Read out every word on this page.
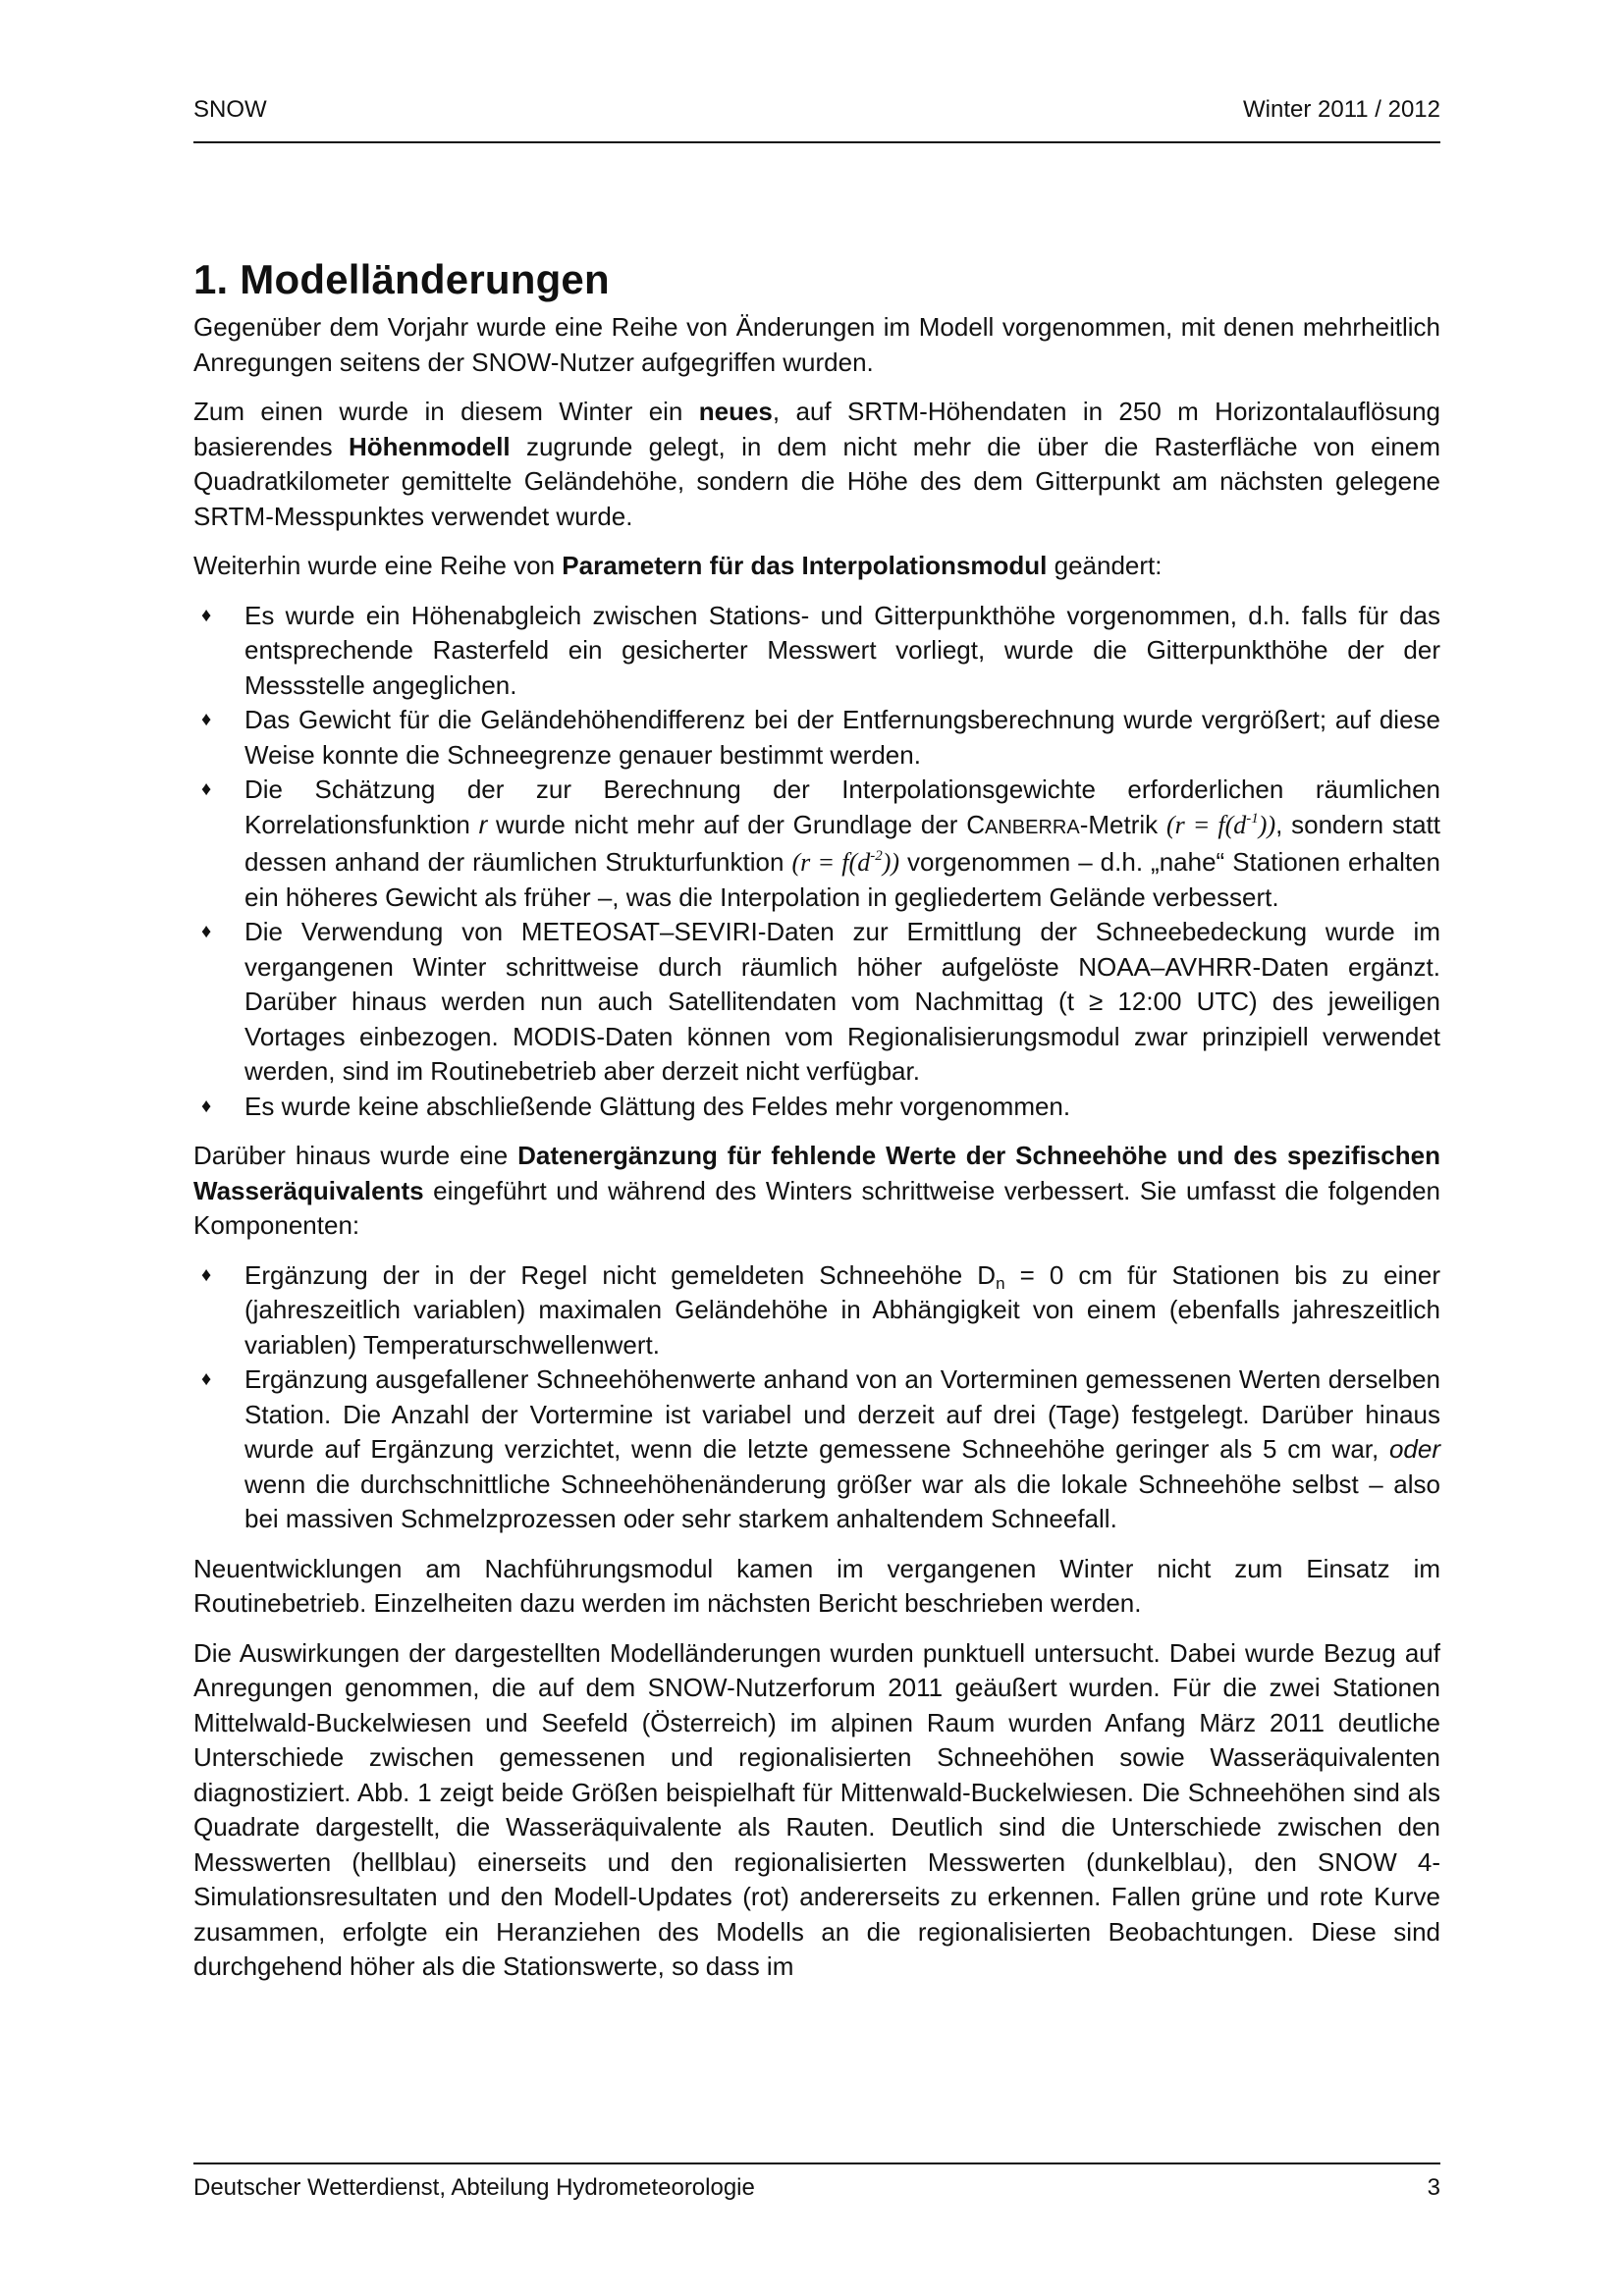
SNOW	Winter 2011 / 2012
1. Modelländerungen

Gegenüber dem Vorjahr wurde eine Reihe von Änderungen im Modell vorgenommen, mit denen mehrheitlich Anregungen seitens der SNOW-Nutzer aufgegriffen wurden.

Zum einen wurde in diesem Winter ein neues, auf SRTM-Höhendaten in 250 m Horizontalauflösung basierendes Höhenmodell zugrunde gelegt, in dem nicht mehr die über die Rasterfläche von einem Quadratkilometer gemittelte Geländehöhe, sondern die Höhe des dem Gitterpunkt am nächsten gelegene SRTM-Messpunktes verwendet wurde.

Weiterhin wurde eine Reihe von Parametern für das Interpolationsmodul geändert:

♦ Es wurde ein Höhenabgleich zwischen Stations- und Gitterpunkthöhe vorgenommen, d.h. falls für das entsprechende Rasterfeld ein gesicherter Messwert vorliegt, wurde die Gitterpunkthöhe der der Messstelle angeglichen.
♦ Das Gewicht für die Geländehöhendifferenz bei der Entfernungsberechnung wurde vergrößert; auf diese Weise konnte die Schneegrenze genauer bestimmt werden.
♦ Die Schätzung der zur Berechnung der Interpolationsgewichte erforderlichen räumlichen Korrelationsfunktion r wurde nicht mehr auf der Grundlage der CANBERRA-Metrik $(r = f(d^{-1}))$, sondern statt dessen anhand der räumlichen Strukturfunktion $(r = f(d^{-2}))$ vorgenommen – d.h. „nahe“ Stationen erhalten ein höheres Gewicht als früher –, was die Interpolation in gegliedertem Gelände verbessert.
♦ Die Verwendung von METEOSAT–SEVIRI-Daten zur Ermittlung der Schneebedeckung wurde im vergangenen Winter schrittweise durch räumlich höher aufgelöste NOAA–AVHRR-Daten ergänzt. Darüber hinaus werden nun auch Satellitendaten vom Nachmittag (t ≥ 12:00 UTC) des jeweiligen Vortages einbezogen. MODIS-Daten können vom Regionalisierungsmodul zwar prinzipiell verwendet werden, sind im Routinebetrieb aber derzeit nicht verfügbar.
♦ Es wurde keine abschließende Glättung des Feldes mehr vorgenommen.

Darüber hinaus wurde eine Datenergänzung für fehlende Werte der Schneehöhe und des spezifischen Wasseräquivalents eingeführt und während des Winters schrittweise verbessert. Sie umfasst die folgenden Komponenten:

♦ Ergänzung der in der Regel nicht gemeldeten Schneehöhe $D_n = 0$ cm für Stationen bis zu einer (jahreszeitlich variablen) maximalen Geländehöhe in Abhängigkeit von einem (ebenfalls jahreszeitlich variablen) Temperaturschwellenwert.
♦ Ergänzung ausgefallener Schneehöhenwerte anhand von an Vorterminen gemessenen Werten derselben Station. Die Anzahl der Vortermine ist variabel und derzeit auf drei (Tage) festgelegt. Darüber hinaus wurde auf Ergänzung verzichtet, wenn die letzte gemessene Schneehöhe geringer als 5 cm war, oder wenn die durchschnittliche Schneehöhenänderung größer war als die lokale Schneehöhe selbst – also bei massiven Schmelzprozessen oder sehr starkem anhaltendem Schneefall.

Neuentwicklungen am Nachführungsmodul kamen im vergangenen Winter nicht zum Einsatz im Routinebetrieb. Einzelheiten dazu werden im nächsten Bericht beschrieben werden.

Die Auswirkungen der dargestellten Modelländerungen wurden punktuell untersucht. Dabei wurde Bezug auf Anregungen genommen, die auf dem SNOW-Nutzerforum 2011 geäußert wurden. Für die zwei Stationen Mittelwald-Buckelwiesen und Seefeld (Österreich) im alpinen Raum wurden Anfang März 2011 deutliche Unterschiede zwischen gemessenen und regionalisierten Schneehöhen sowie Wasseräquivalenten diagnostiziert. Abb. 1 zeigt beide Größen beispielhaft für Mittenwald-Buckelwiesen. Die Schneehöhen sind als Quadrate dargestellt, die Wasseräquivalente als Rauten. Deutlich sind die Unterschiede zwischen den Messwerten (hellblau) einerseits und den regionalisierten Messwerten (dunkelblau), den SNOW 4-Simulationsresultaten und den Modell-Updates (rot) andererseits zu erkennen. Fallen grüne und rote Kurve zusammen, erfolgte ein Heranziehen des Modells an die regionalisierten Beobachtungen. Diese sind durchgehend höher als die Stationswerte, so dass im

Deutscher Wetterdienst, Abteilung Hydrometeorologie	3
